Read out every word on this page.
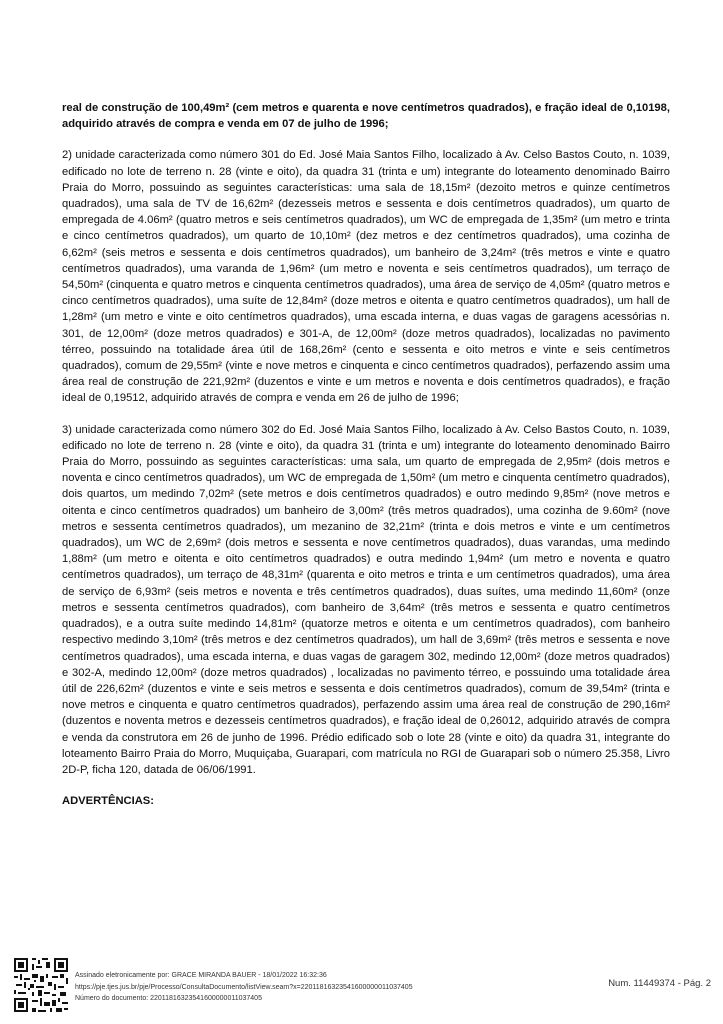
real de construção de 100,49m² (cem metros e quarenta e nove centímetros quadrados), e fração ideal de 0,10198, adquirido através de compra e venda em 07 de julho de 1996;

2) unidade caracterizada como número 301 do Ed. José Maia Santos Filho, localizado à Av. Celso Bastos Couto, n. 1039, edificado no lote de terreno n. 28 (vinte e oito), da quadra 31 (trinta e um) integrante do loteamento denominado Bairro Praia do Morro, possuindo as seguintes características: uma sala de 18,15m² (dezoito metros e quinze centímetros quadrados), uma sala de TV de 16,62m² (dezesseis metros e sessenta e dois centímetros quadrados), um quarto de empregada de 4.06m² (quatro metros e seis centímetros quadrados), um WC de empregada de 1,35m² (um metro e trinta e cinco centímetros quadrados), um quarto de 10,10m² (dez metros e dez centímetros quadrados), uma cozinha de 6,62m² (seis metros e sessenta e dois centímetros quadrados), um banheiro de 3,24m² (três metros e vinte e quatro centímetros quadrados), uma varanda de 1,96m² (um metro e noventa e seis centímetros quadrados), um terraço de 54,50m² (cinquenta e quatro metros e cinquenta centímetros quadrados), uma área de serviço de 4,05m² (quatro metros e cinco centímetros quadrados), uma suíte de 12,84m² (doze metros e oitenta e quatro centímetros quadrados), um hall de 1,28m² (um metro e vinte e oito centímetros quadrados), uma escada interna, e duas vagas de garagens acessórias n. 301, de 12,00m² (doze metros quadrados) e 301-A, de 12,00m² (doze metros quadrados), localizadas no pavimento térreo, possuindo na totalidade área útil de 168,26m² (cento e sessenta e oito metros e vinte e seis centímetros quadrados), comum de 29,55m² (vinte e nove metros e cinquenta e cinco centímetros quadrados), perfazendo assim uma área real de construção de 221,92m² (duzentos e vinte e um metros e noventa e dois centímetros quadrados), e fração ideal de 0,19512, adquirido através de compra e venda em 26 de julho de 1996;

3) unidade caracterizada como número 302 do Ed. José Maia Santos Filho, localizado à Av. Celso Bastos Couto, n. 1039, edificado no lote de terreno n. 28 (vinte e oito), da quadra 31 (trinta e um) integrante do loteamento denominado Bairro Praia do Morro, possuindo as seguintes características: uma sala, um quarto de empregada de 2,95m² (dois metros e noventa e cinco centímetros quadrados), um WC de empregada de 1,50m² (um metro e cinquenta centímetro quadrados), dois quartos, um medindo 7,02m² (sete metros e dois centímetros quadrados) e outro medindo 9,85m² (nove metros e oitenta e cinco centímetros quadrados) um banheiro de 3,00m² (três metros quadrados), uma cozinha de 9.60m² (nove metros e sessenta centímetros quadrados), um mezanino de 32,21m² (trinta e dois metros e vinte e um centímetros quadrados), um WC de 2,69m² (dois metros e sessenta e nove centímetros quadrados), duas varandas, uma medindo 1,88m² (um metro e oitenta e oito centímetros quadrados) e outra medindo 1,94m² (um metro e noventa e quatro centímetros quadrados), um terraço de 48,31m² (quarenta e oito metros e trinta e um centímetros quadrados), uma área de serviço de 6,93m² (seis metros e noventa e três centímetros quadrados), duas suítes, uma medindo 11,60m² (onze metros e sessenta centímetros quadrados), com banheiro de 3,64m² (três metros e sessenta e quatro centímetros quadrados), e a outra suíte medindo 14,81m² (quatorze metros e oitenta e um centímetros quadrados), com banheiro respectivo medindo 3,10m² (três metros e dez centímetros quadrados), um hall de 3,69m² (três metros e sessenta e nove centímetros quadrados), uma escada interna, e duas vagas de garagem 302, medindo 12,00m² (doze metros quadrados) e 302-A, medindo 12,00m² (doze metros quadrados) , localizadas no pavimento térreo, e possuindo uma totalidade área útil de 226,62m² (duzentos e vinte e seis metros e sessenta e dois centímetros quadrados), comum de 39,54m² (trinta e nove metros e cinquenta e quatro centímetros quadrados), perfazendo assim uma área real de construção de 290,16m² (duzentos e noventa metros e dezesseis centímetros quadrados), e fração ideal de 0,26012, adquirido através de compra e venda da construtora em 26 de junho de 1996. Prédio edificado sob o lote 28 (vinte e oito) da quadra 31, integrante do loteamento Bairro Praia do Morro, Muquiçaba, Guarapari, com matrícula no RGI de Guarapari sob o número 25.358, Livro 2D-P, ficha 120, datada de 06/06/1991.

ADVERTÊNCIAS:

Assinado eletronicamente por: GRACE MIRANDA BAUER - 18/01/2022 16:32:36
https://pje.tjes.jus.br/pje/Processo/ConsultaDocumento/listView.seam?x=22011816323541600000011037405
Número do documento: 22011816323541600000011037405
Num. 11449374 - Pág. 2
